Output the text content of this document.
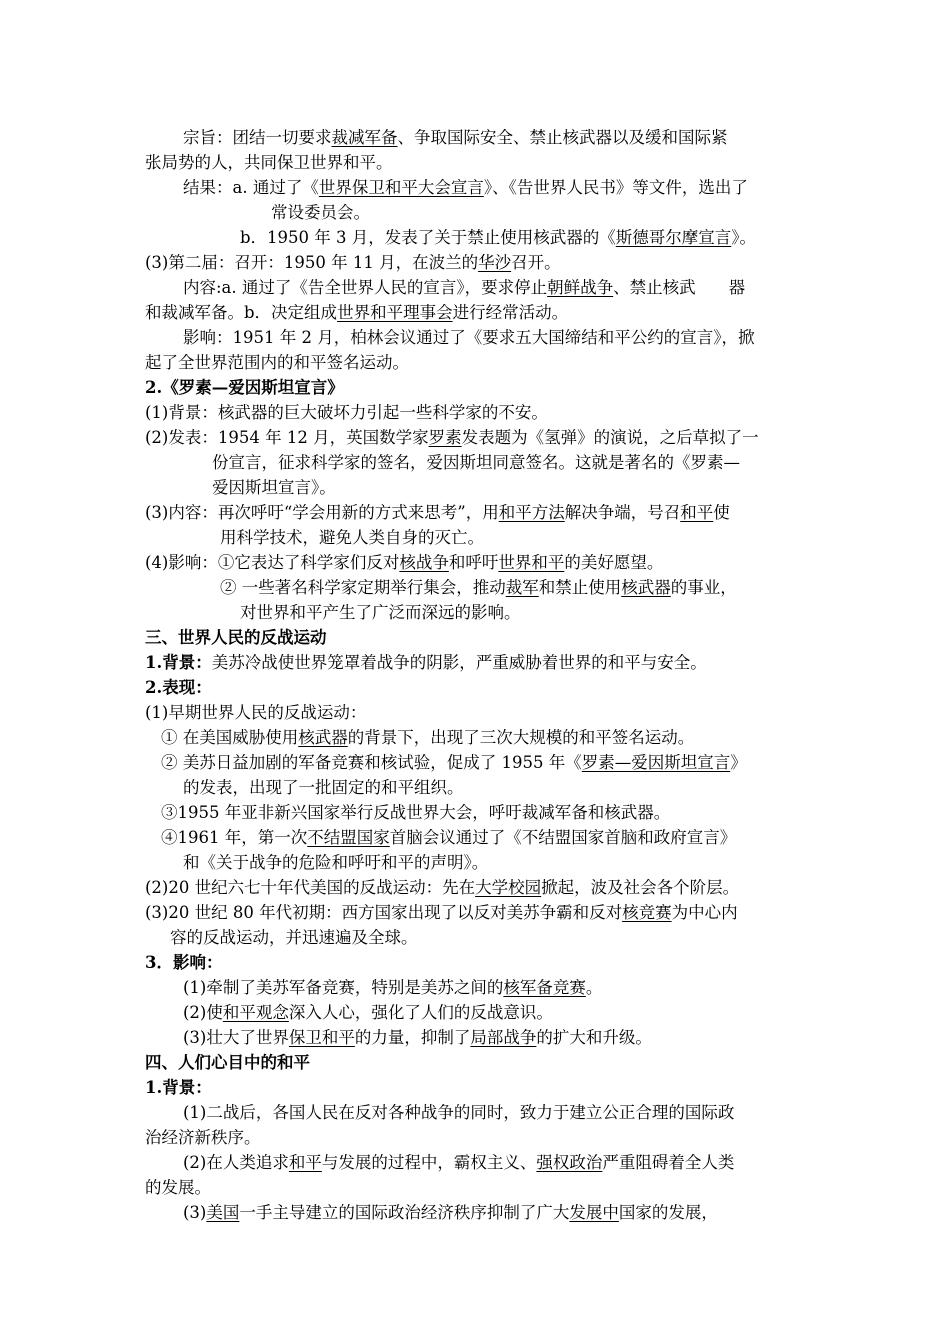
宗旨：团结一切要求裁减军备、争取国际安全、禁止核武器以及缓和国际紧
张局势的人，共同保卫世界和平。
结果：a. 通过了《世界保卫和平大会宣言》、《告世界人民书》等文件，选出了
常设委员会。
b．1950 年 3 月，发表了关于禁止使用核武器的《斯德哥尔摩宣言》。
(3)第二届：召开：1950 年 11 月，在波兰的华沙召开。
内容:a. 通过了《告全世界人民的宣言》，要求停止朝鲜战争、禁止核武　　器
和裁减军备。b．决定组成世界和平理事会进行经常活动。
影响：1951 年 2 月，柏林会议通过了《要求五大国缔结和平公约的宣言》，掀
起了全世界范围内的和平签名运动。
2.《罗素—爱因斯坦宣言》
(1)背景：核武器的巨大破坏力引起一些科学家的不安。
(2)发表：1954 年 12 月，英国数学家罗素发表题为《氢弹》的演说，之后草拟了一
份宣言，征求科学家的签名，爱因斯坦同意签名。这就是著名的《罗素—
爱因斯坦宣言》。
(3)内容：再次呼吁“学会用新的方式来思考”，用和平方法解决争端，号召和平使
用科学技术，避免人类自身的灭亡。
(4)影响：①它表达了科学家们反对核战争和呼吁世界和平的美好愿望。
② 一些著名科学家定期举行集会，推动裁军和禁止使用核武器的事业，
对世界和平产生了广泛而深远的影响。
三、世界人民的反战运动
1.背景：美苏冷战使世界笼罩着战争的阴影，严重威胁着世界的和平与安全。
2.表现：
(1)早期世界人民的反战运动：
① 在美国威胁使用核武器的背景下，出现了三次大规模的和平签名运动。
② 美苏日益加剧的军备竞赛和核试验，促成了 1955 年《罗素—爱因斯坦宣言》
的发表，出现了一批固定的和平组织。
③1955 年亚非新兴国家举行反战世界大会，呼吁裁减军备和核武器。
④1961 年，第一次不结盟国家首脑会议通过了《不结盟国家首脑和政府宣言》
和《关于战争的危险和呼吁和平的声明》。
(2)20 世纪六七十年代美国的反战运动：先在大学校园掀起，波及社会各个阶层。
(3)20 世纪 80 年代初期：西方国家出现了以反对美苏争霸和反对核竞赛为中心内
容的反战运动，并迅速遍及全球。
3．影响：
(1)牵制了美苏军备竞赛，特别是美苏之间的核军备竞赛。
(2)使和平观念深入人心，强化了人们的反战意识。
(3)壮大了世界保卫和平的力量，抑制了局部战争的扩大和升级。
四、人们心目中的和平
1.背景：
(1)二战后，各国人民在反对各种战争的同时，致力于建立公正合理的国际政
治经济新秩序。
(2)在人类追求和平与发展的过程中，霸权主义、强权政治严重阻碍着全人类
的发展。
(3)美国一手主导建立的国际政治经济秩序抑制了广大发展中国家的发展，
